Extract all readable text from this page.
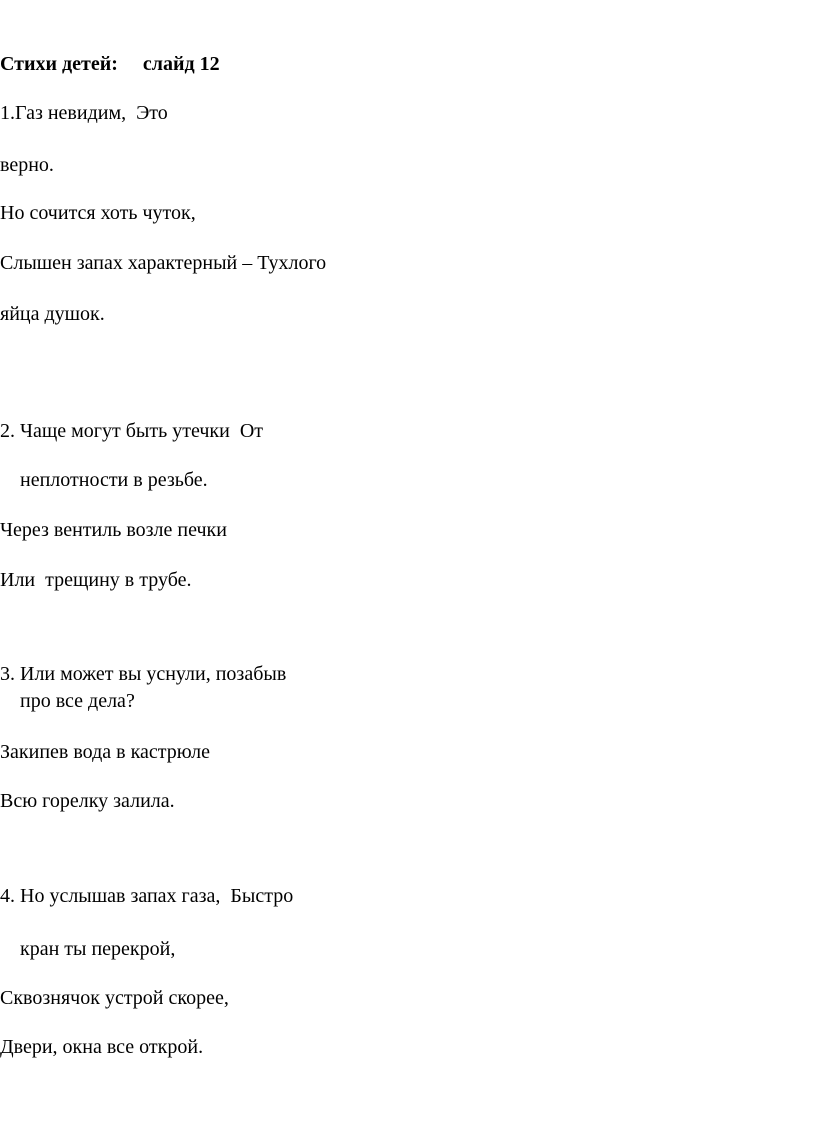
Стихи детей:     слайд 12
1.Газ невидим,  Это
верно.
Но сочится хоть чуток,
Слышен запах характерный – Тухлого
яйца душок.
2. Чаще могут быть утечки  От
неплотности в резьбе.
Через вентиль возле печки
Или  трещину в трубе.
3. Или может вы уснули, позабыв
про все дела?
Закипев вода в кастрюле
Всю горелку залила.
4. Но услышав запах газа,  Быстро
кран ты перекрой,
Сквознячок устрой скорее,
Двери, окна все открой.
